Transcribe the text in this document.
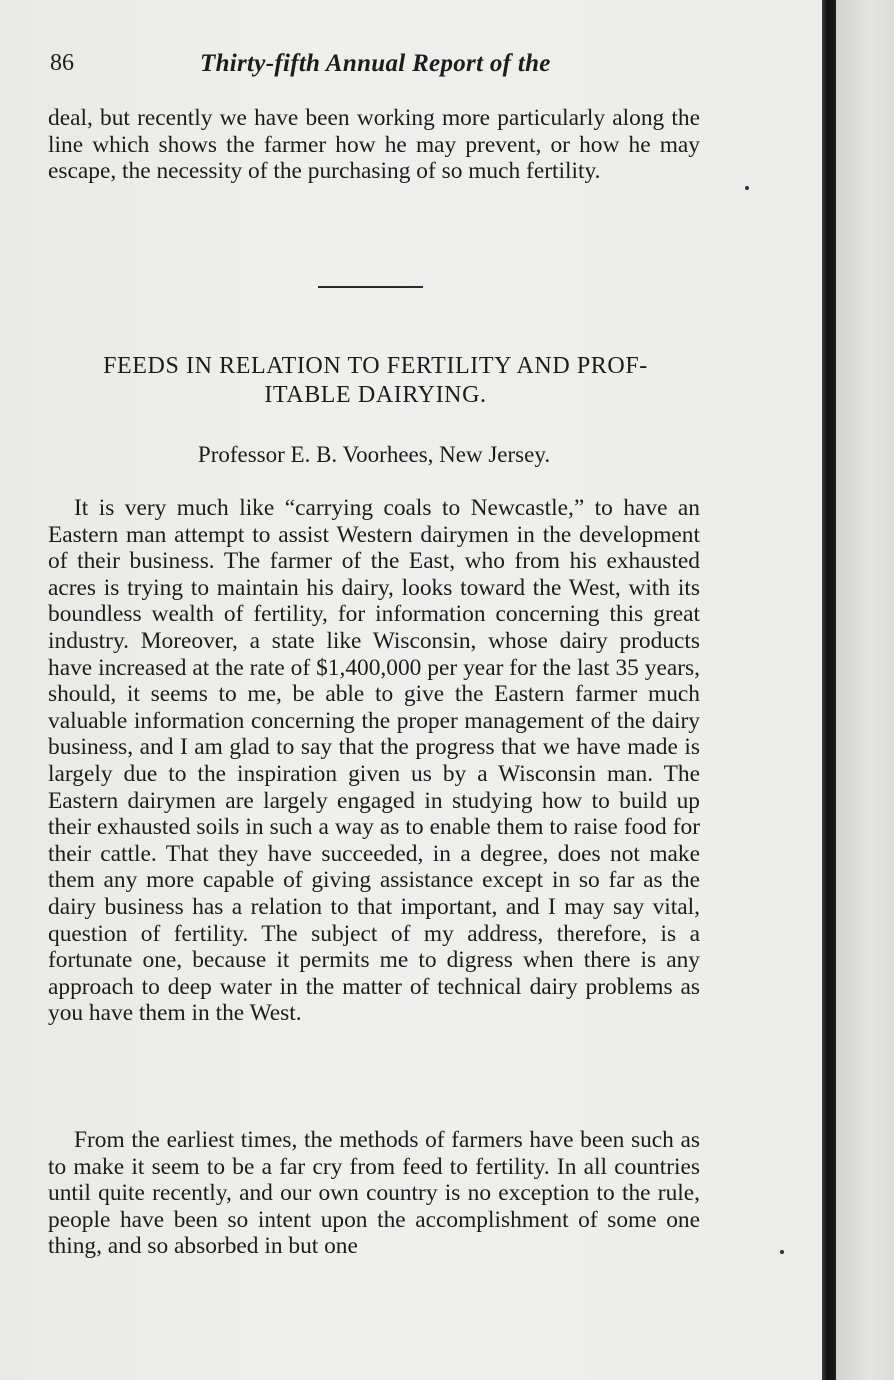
86	Thirty-fifth Annual Report of the

deal, but recently we have been working more particularly along the line which shows the farmer how he may prevent, or how he may escape, the necessity of the purchasing of so much fertility.

FEEDS IN RELATION TO FERTILITY AND PROF-
ITABLE DAIRYING.
Professor E. B. Voorhees, New Jersey.

It is very much like “carrying coals to Newcastle,” to have an Eastern man attempt to assist Western dairymen in the development of their business. The farmer of the East, who from his exhausted acres is trying to maintain his dairy, looks toward the West, with its boundless wealth of fertility, for information concerning this great industry. Moreover, a state like Wisconsin, whose dairy products have increased at the rate of $1,400,000 per year for the last 35 years, should, it seems to me, be able to give the Eastern farmer much valuable information concerning the proper management of the dairy business, and I am glad to say that the progress that we have made is largely due to the inspiration given us by a Wisconsin man. The Eastern dairymen are largely engaged in studying how to build up their exhausted soils in such a way as to enable them to raise food for their cattle. That they have succeeded, in a degree, does not make them any more capable of giving assistance except in so far as the dairy business has a relation to that important, and I may say vital, question of fertility. The subject of my address, therefore, is a fortunate one, because it permits me to digress when there is any approach to deep water in the matter of technical dairy problems as you have them in the West.

From the earliest times, the methods of farmers have been such as to make it seem to be a far cry from feed to fertility. In all countries until quite recently, and our own country is no exception to the rule, people have been so intent upon the accomplishment of some one thing, and so absorbed in but one
